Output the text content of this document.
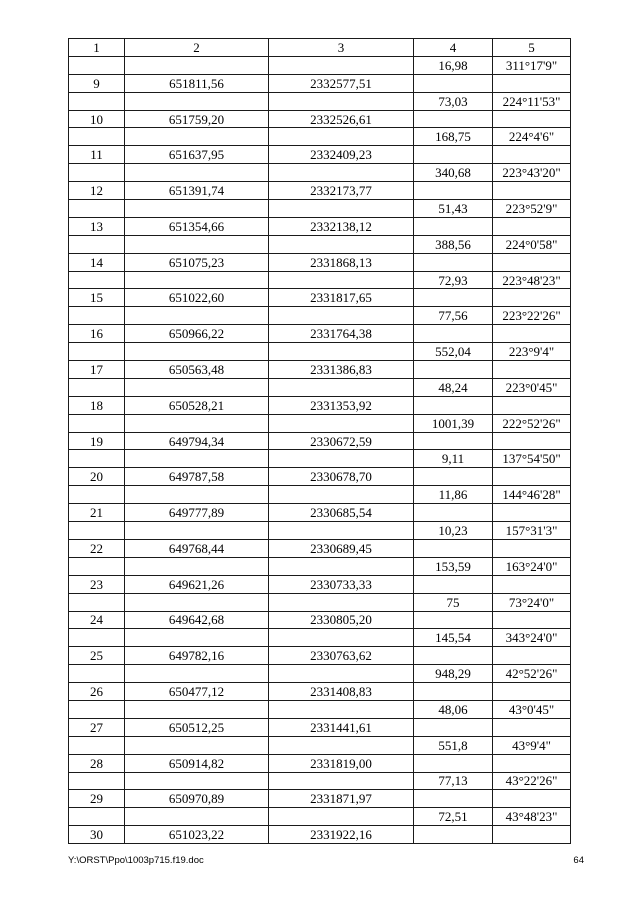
1	2	3	4	5
			16,98	311°17'9"
9	651811,56	2332577,51		
			73,03	224°11'53"
10	651759,20	2332526,61		
			168,75	224°4'6"
11	651637,95	2332409,23		
			340,68	223°43'20"
12	651391,74	2332173,77		
			51,43	223°52'9"
13	651354,66	2332138,12		
			388,56	224°0'58"
14	651075,23	2331868,13		
			72,93	223°48'23"
15	651022,60	2331817,65		
			77,56	223°22'26"
16	650966,22	2331764,38		
			552,04	223°9'4"
17	650563,48	2331386,83		
			48,24	223°0'45"
18	650528,21	2331353,92		
			1001,39	222°52'26"
19	649794,34	2330672,59		
			9,11	137°54'50"
20	649787,58	2330678,70		
			11,86	144°46'28"
21	649777,89	2330685,54		
			10,23	157°31'3"
22	649768,44	2330689,45		
			153,59	163°24'0"
23	649621,26	2330733,33		
			75	73°24'0"
24	649642,68	2330805,20		
			145,54	343°24'0"
25	649782,16	2330763,62		
			948,29	42°52'26"
26	650477,12	2331408,83		
			48,06	43°0'45"
27	650512,25	2331441,61		
			551,8	43°9'4"
28	650914,82	2331819,00		
			77,13	43°22'26"
29	650970,89	2331871,97		
			72,51	43°48'23"
30	651023,22	2331922,16		
Y:\ORST\Ppo\1003p715.f19.doc	64
